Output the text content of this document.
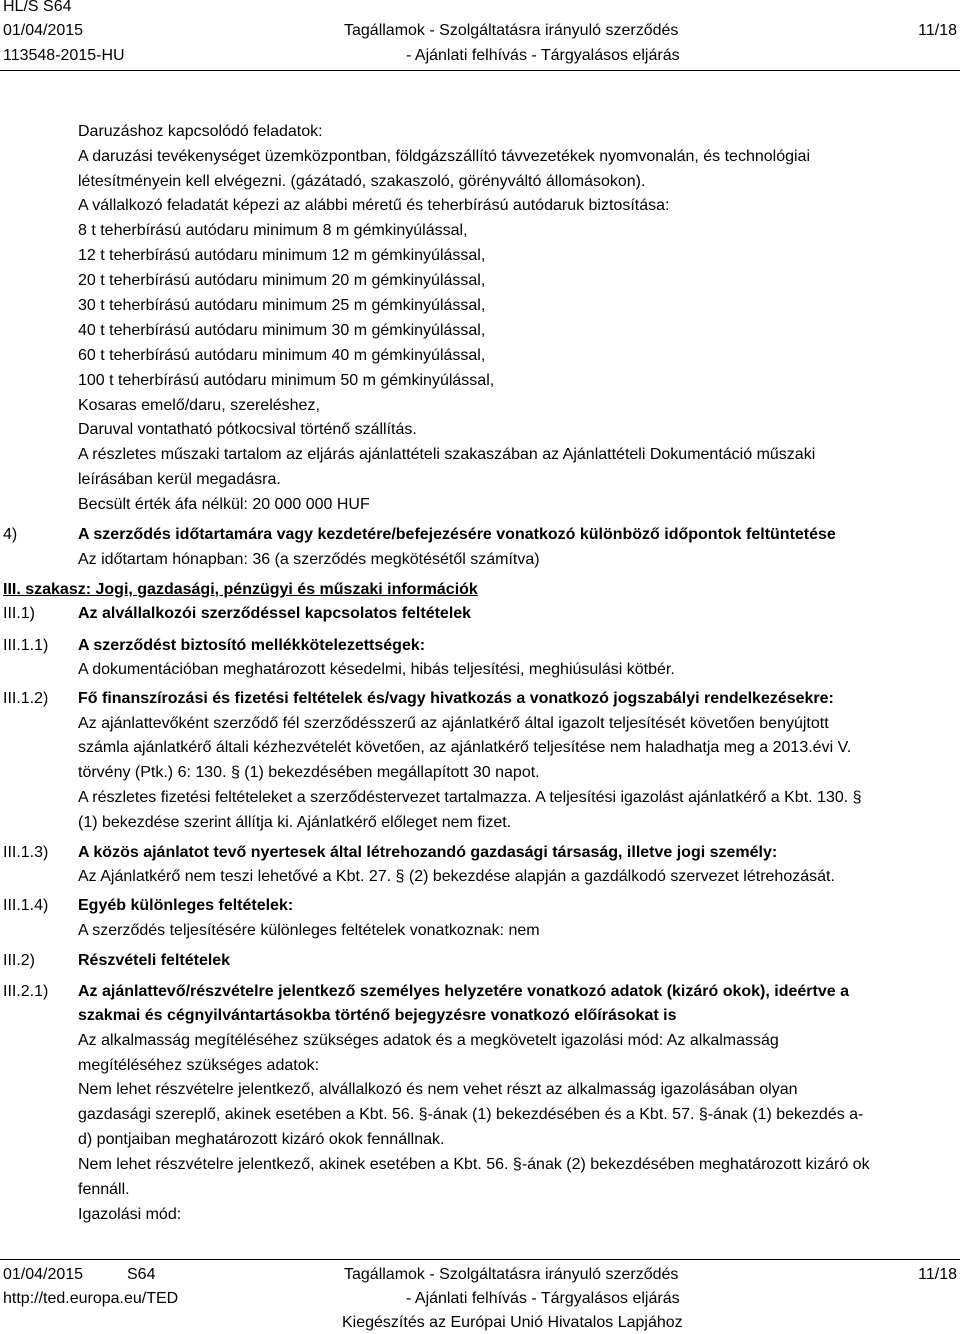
HL/S S64
01/04/2015
113548-2015-HU
Tagállamok - Szolgáltatásra irányuló szerződés
- Ajánlati felhívás - Tárgyalásos eljárás
11/18
Daruzáshoz kapcsolódó feladatok:
A daruzási tevékenységet üzemközpontban, földgázszállító távvezetékek nyomvonalán, és technológiai
létesítményein kell elvégezni. (gázátadó, szakaszoló, görényváltó állomásokon).
A vállalkozó feladatát képezi az alábbi méretű és teherbírású autódaruk biztosítása:
8 t teherbírású autódaru minimum 8 m gémkinyúlással,
12 t teherbírású autódaru minimum 12 m gémkinyúlással,
20 t teherbírású autódaru minimum 20 m gémkinyúlással,
30 t teherbírású autódaru minimum 25 m gémkinyúlással,
40 t teherbírású autódaru minimum 30 m gémkinyúlással,
60 t teherbírású autódaru minimum 40 m gémkinyúlással,
100 t teherbírású autódaru minimum 50 m gémkinyúlással,
Kosaras emelő/daru, szereléshez,
Daruval vontatható pótkocsival történő szállítás.
A részletes műszaki tartalom az eljárás ajánlattételi szakaszában az Ajánlattételi Dokumentáció műszaki
leírásában kerül megadásra.
Becsült érték áfa nélkül: 20 000 000 HUF
4)	A szerződés időtartamára vagy kezdetére/befejezésére vonatkozó különböző időpontok feltüntetése
Az időtartam hónapban: 36 (a szerződés megkötésétől számítva)
III. szakasz: Jogi, gazdasági, pénzügyi és műszaki információk
III.1)	Az alvállalkozói szerződéssel kapcsolatos feltételek
III.1.1) A szerződést biztosító mellékkötelezettségek:
A dokumentációban meghatározott késedelmi, hibás teljesítési, meghiúsulási kötbér.
III.1.2) Fő finanszírozási és fizetési feltételek és/vagy hivatkozás a vonatkozó jogszabályi rendelkezésekre:
Az ajánlattevőként szerződő fél szerződésszerű az ajánlatkérő által igazolt teljesítését követően benyújtott
számla ajánlatkérő általi kézhezvételét követően, az ajánlatkérő teljesítése nem haladhatja meg a 2013.évi V.
törvény (Ptk.) 6: 130. § (1) bekezdésében megállapított 30 napot.
A részletes fizetési feltételeket a szerződéstervezet tartalmazza. A teljesítési igazolást ajánlatkérő a Kbt. 130. §
(1) bekezdése szerint állítja ki. Ajánlatkérő előleget nem fizet.
III.1.3) A közös ajánlatot tevő nyertesek által létrehozandó gazdasági társaság, illetve jogi személy:
Az Ajánlatkérő nem teszi lehetővé a Kbt. 27. § (2) bekezdése alapján a gazdálkodó szervezet létrehozását.
III.1.4) Egyéb különleges feltételek:
A szerződés teljesítésére különleges feltételek vonatkoznak: nem
III.2)	Részvételi feltételek
III.2.1) Az ajánlattevő/részvételre jelentkező személyes helyzetére vonatkozó adatok (kizáró okok), ideértve a
szakmai és cégnyilvántartásokba történő bejegyzésre vonatkozó előírásokat is
Az alkalmasság megítéléséhez szükséges adatok és a megkövetelt igazolási mód: Az alkalmasság
megítéléséhez szükséges adatok:
Nem lehet részvételre jelentkező, alvállalkozó és nem vehet részt az alkalmasság igazolásában olyan
gazdasági szereplő, akinek esetében a Kbt. 56. §-ának (1) bekezdésében és a Kbt. 57. §-ának (1) bekezdés a-
d) pontjaiban meghatározott kizáró okok fennállnak.
Nem lehet részvételre jelentkező, akinek esetében a Kbt. 56. §-ának (2) bekezdésében meghatározott kizáró ok
fennáll.
Igazolási mód:
01/04/2015	S64
http://ted.europa.eu/TED
Tagállamok - Szolgáltatásra irányuló szerződés
- Ajánlati felhívás - Tárgyalásos eljárás
Kiegészítés az Európai Unió Hivatalos Lapjához
11/18
